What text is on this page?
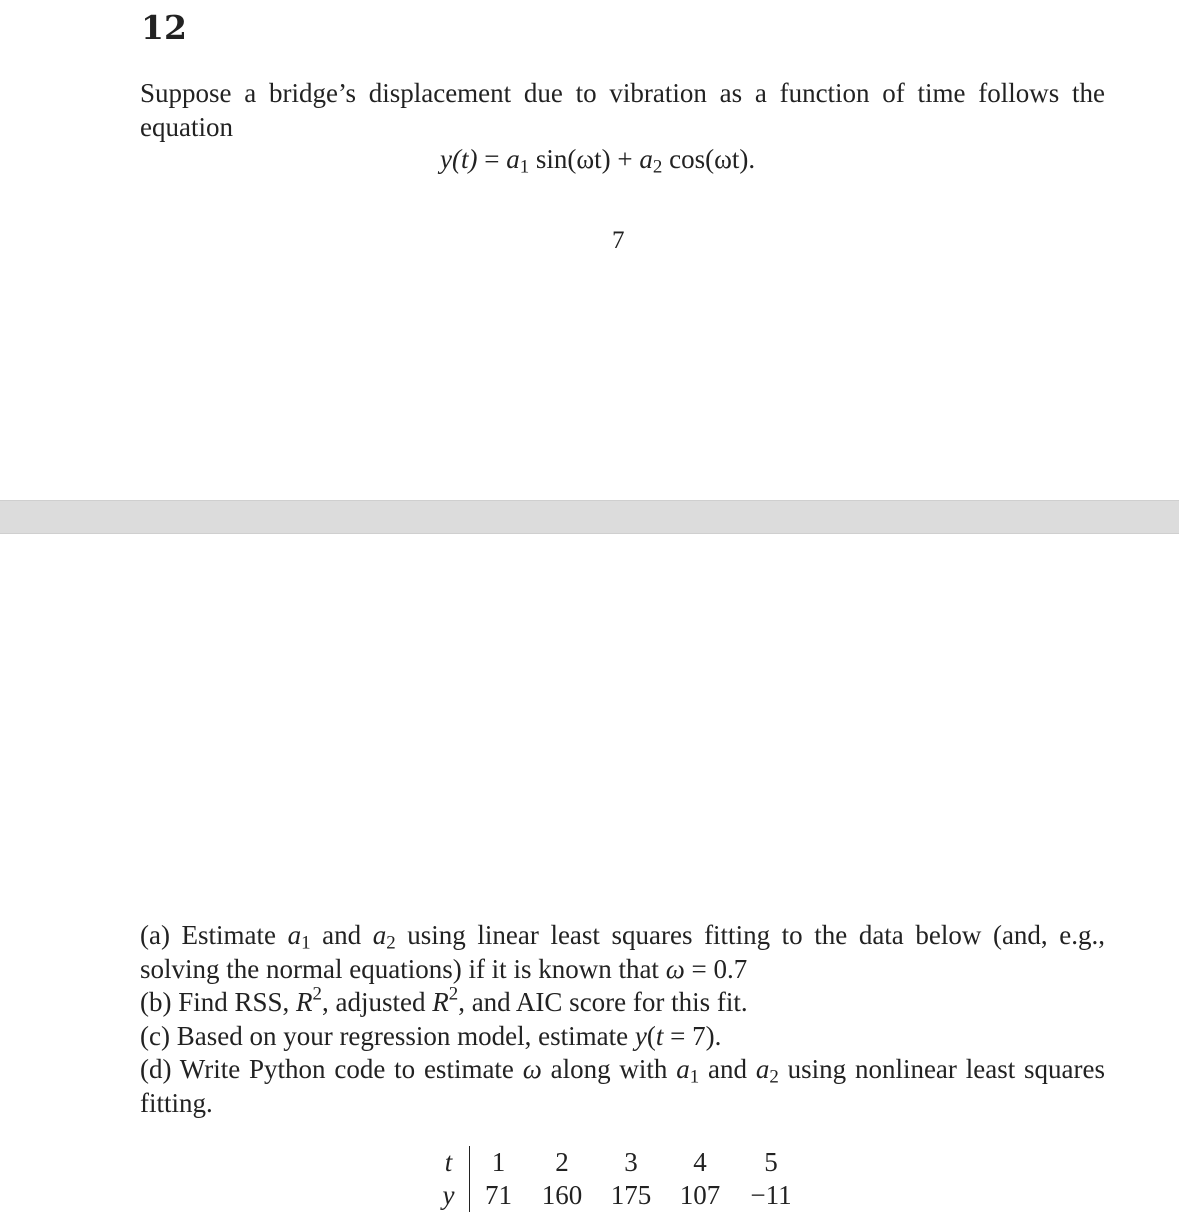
12
Suppose a bridge’s displacement due to vibration as a function of time follows the equation
$y(t) = a_1$ $\sin(\omega t) + a_2$ cos(ωt).
7
(a) Estimate $a_1$ and $a_2$ using linear least squares fitting to the data below (and, e.g., solving the normal equations) if it is known that ω = 0.7
(b) Find RSS, $R^2$, adjusted $R^2$, and AIC score for this fit.
(c) Based on your regression model, estimate y(t = 7).
(d) Write Python code to estimate ω along with $a_1$ and $a_2$ using nonlinear least squares fitting.
t	1	2	3	4	5
y	71	160	175	107	−11
